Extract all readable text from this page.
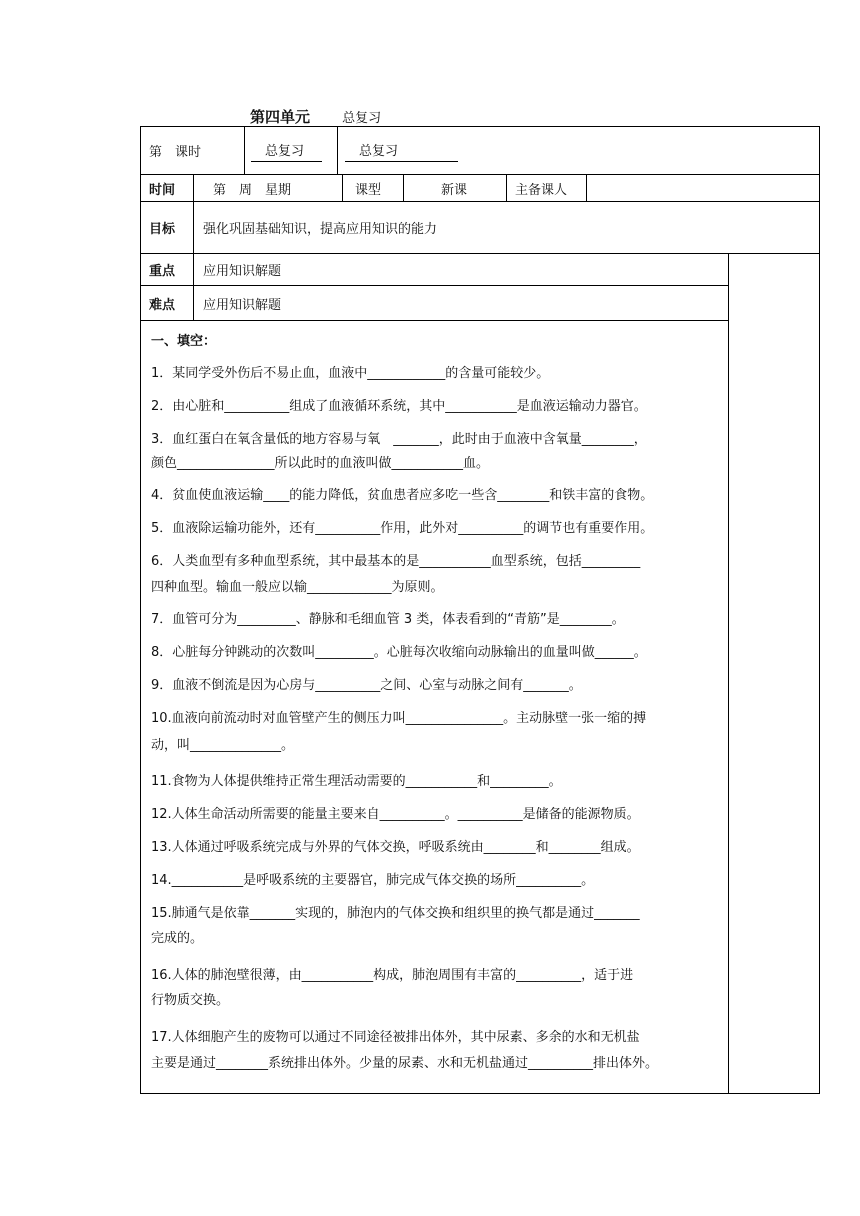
第四单元 总复习
第　课时	总复习	总复习
时间	第　周　星期	课型	新课	主备课人
目标 强化巩固基础知识，提高应用知识的能力
重点 应用知识解题
难点 应用知识解题
一、填空：
1．某同学受外伤后不易止血，血液中____________的含量可能较少。
2．由心脏和__________组成了血液循环系统，其中___________是血液运输动力器官。
3．血红蛋白在氧含量低的地方容易与氧　_______，此时由于血液中含氧量________，
颜色_______________所以此时的血液叫做___________血。
4．贫血使血液运输____的能力降低，贫血患者应多吃一些含________和铁丰富的食物。
5．血液除运输功能外，还有__________作用，此外对__________的调节也有重要作用。
6．人类血型有多种血型系统，其中最基本的是___________血型系统，包括_________
四种血型。输血一般应以输_____________为原则。
7．血管可分为_________、静脉和毛细血管 3 类，体表看到的“青筋”是________。
8．心脏每分钟跳动的次数叫_________。心脏每次收缩向动脉输出的血量叫做______。
9．血液不倒流是因为心房与__________之间、心室与动脉之间有_______。
10.血液向前流动时对血管壁产生的侧压力叫_______________。主动脉壁一张一缩的搏
动，叫______________。
11.食物为人体提供维持正常生理活动需要的___________和_________。
12.人体生命活动所需要的能量主要来自__________。__________是储备的能源物质。
13.人体通过呼吸系统完成与外界的气体交换，呼吸系统由________和________组成。
14.___________是呼吸系统的主要器官，肺完成气体交换的场所__________。
15.肺通气是依靠_______实现的，肺泡内的气体交换和组织里的换气都是通过_______
完成的。
16.人体的肺泡壁很薄，由___________构成，肺泡周围有丰富的__________，适于进
行物质交换。
17.人体细胞产生的废物可以通过不同途径被排出体外，其中尿素、多余的水和无机盐
主要是通过________系统排出体外。少量的尿素、水和无机盐通过__________排出体外。
